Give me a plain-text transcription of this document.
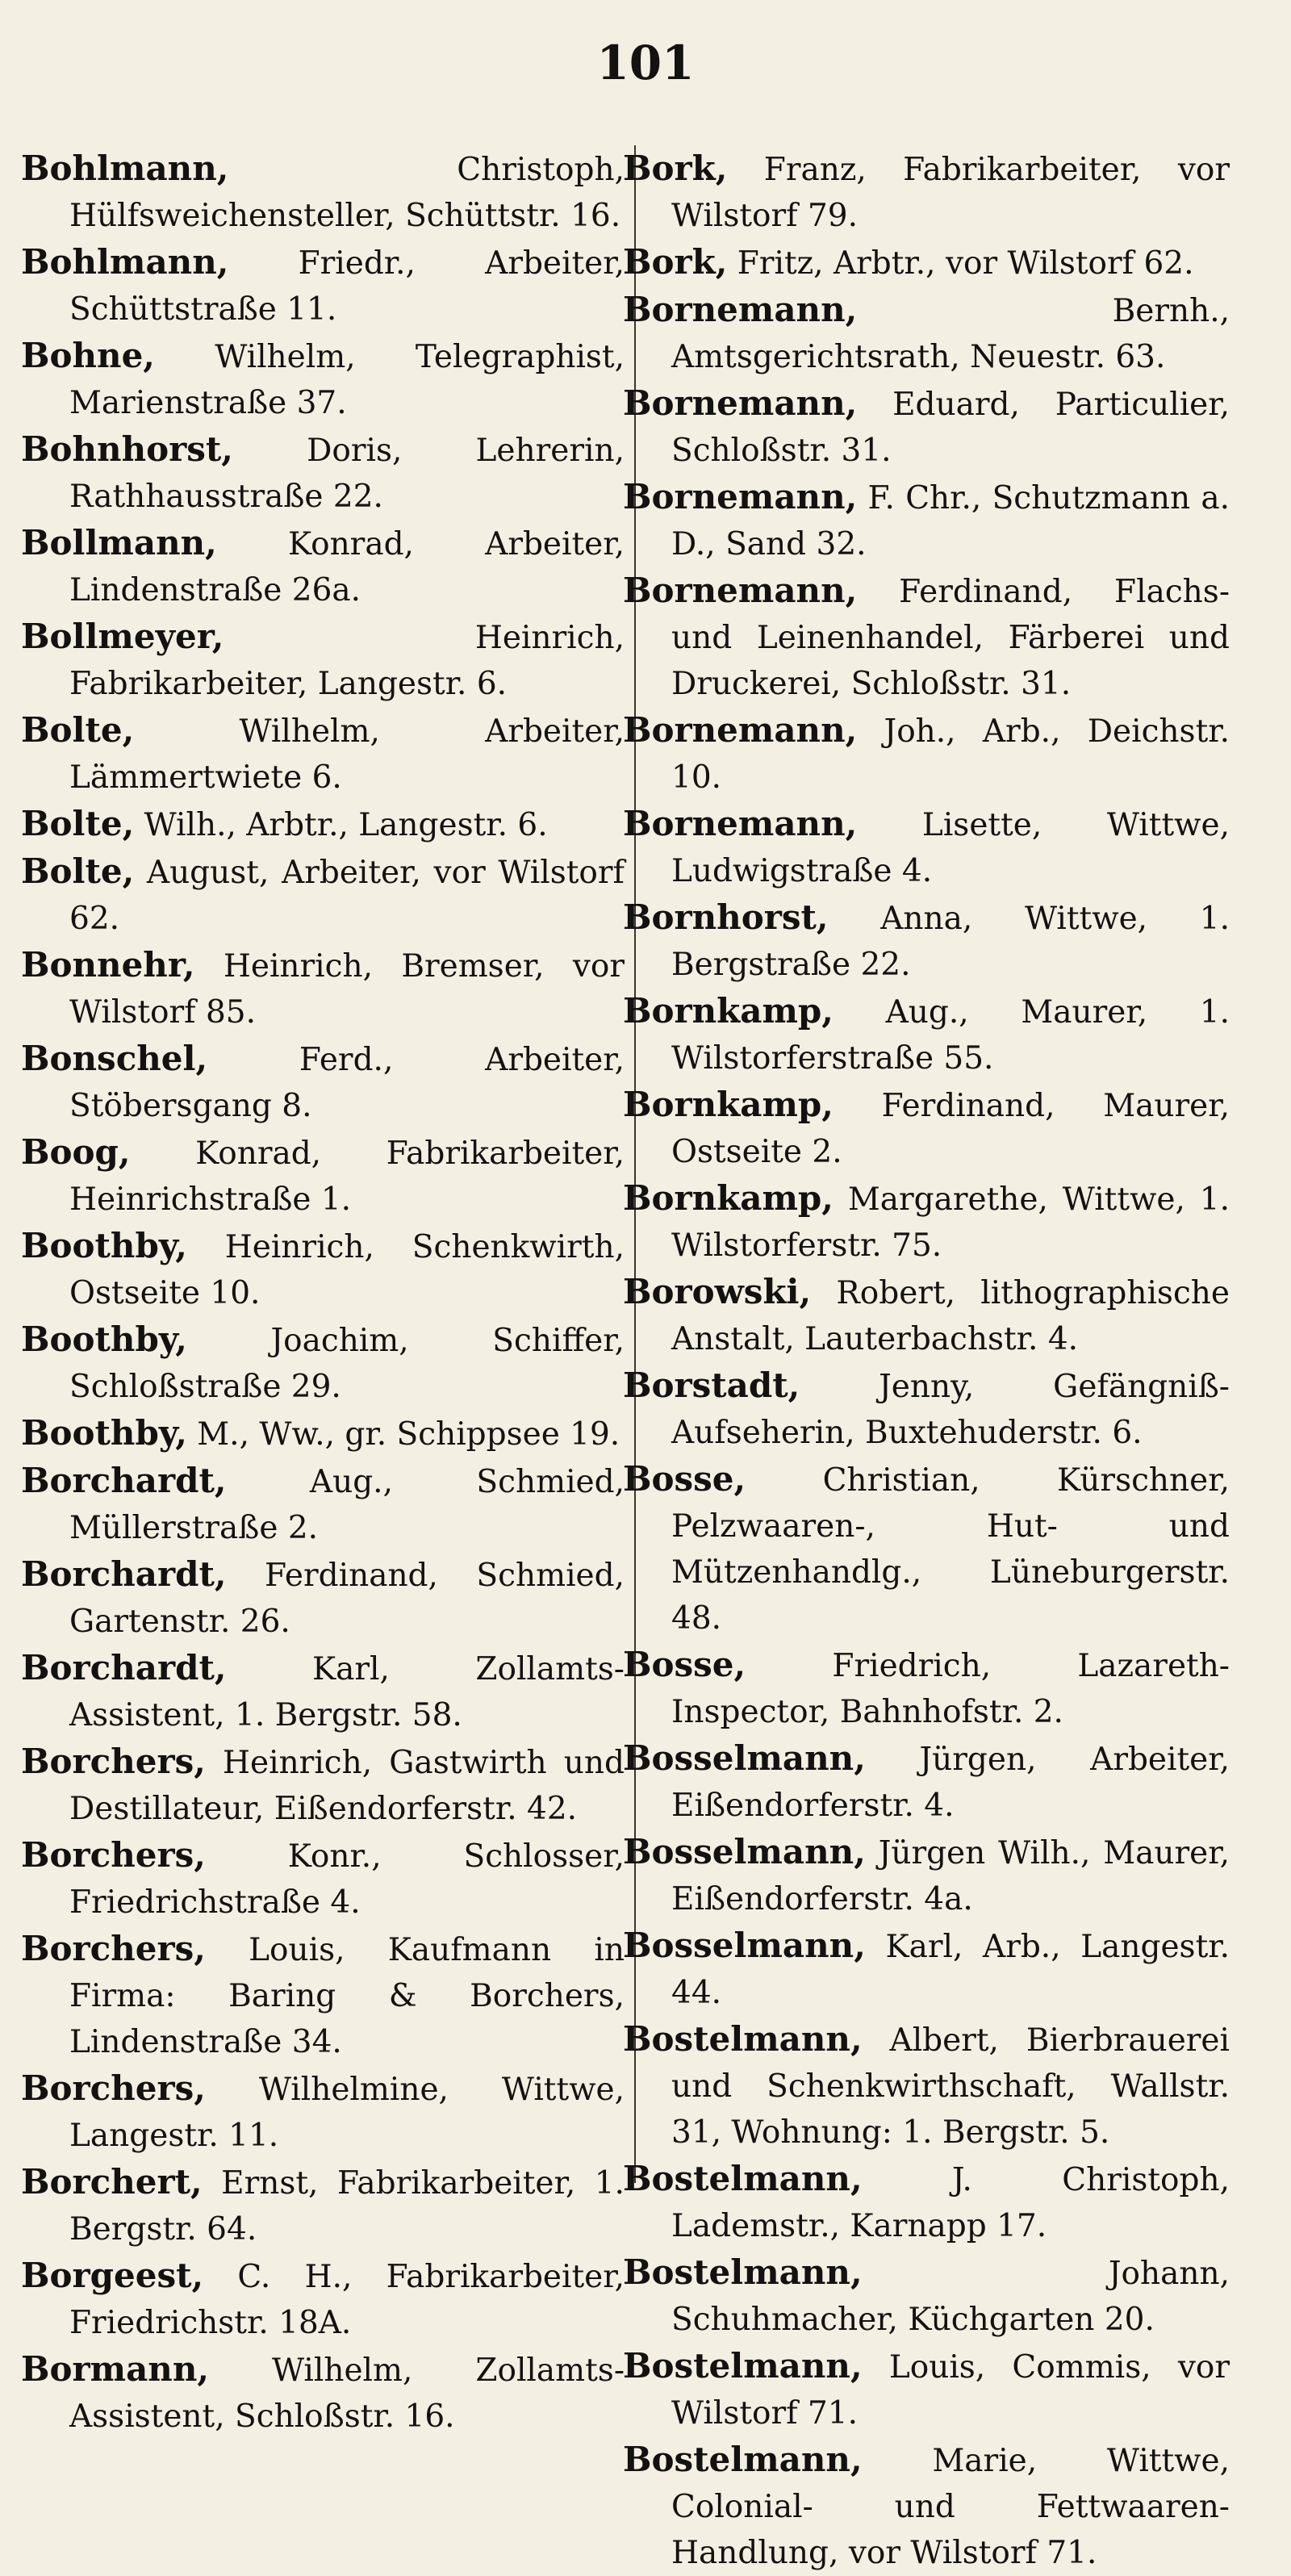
101

Bohlmann, Christoph, Hülfsweichensteller, Schüttstr. 16.

Bohlmann, Friedr., Arbeiter, Schüttstraße 11.

Bohne, Wilhelm, Telegraphist, Marienstraße 37.

Bohnhorst, Doris, Lehrerin, Rathhausstraße 22.

Bollmann, Konrad, Arbeiter, Lindenstraße 26a.

Bollmeyer, Heinrich, Fabrikarbeiter, Langestr. 6.

Bolte, Wilhelm, Arbeiter, Lämmertwiete 6.

Bolte, Wilh., Arbtr., Langestr. 6.

Bolte, August, Arbeiter, vor Wilstorf 62.

Bonnehr, Heinrich, Bremser, vor Wilstorf 85.

Bonschel, Ferd., Arbeiter, Stöbersgang 8.

Boog, Konrad, Fabrikarbeiter, Heinrichstraße 1.

Boothby, Heinrich, Schenkwirth, Ostseite 10.

Boothby, Joachim, Schiffer, Schloßstraße 29.

Boothby, M., Ww., gr. Schippsee 19.

Borchardt, Aug., Schmied, Müllerstraße 2.

Borchardt, Ferdinand, Schmied, Gartenstr. 26.

Borchardt, Karl, Zollamts-Assistent, 1. Bergstr. 58.

Borchers, Heinrich, Gastwirth und Destillateur, Eißendorferstr. 42.

Borchers, Konr., Schlosser, Friedrichstraße 4.

Borchers, Louis, Kaufmann in Firma: Baring & Borchers, Lindenstraße 34.

Borchers, Wilhelmine, Wittwe, Langestr. 11.

Borchert, Ernst, Fabrikarbeiter, 1. Bergstr. 64.

Borgeest, C. H., Fabrikarbeiter, Friedrichstr. 18A.

Bormann, Wilhelm, Zollamts-Assistent, Schloßstr. 16.

Bork, Franz, Fabrikarbeiter, vor Wilstorf 79.

Bork, Fritz, Arbtr., vor Wilstorf 62.

Bornemann, Bernh., Amtsgerichtsrath, Neuestr. 63.

Bornemann, Eduard, Particulier, Schloßstr. 31.

Bornemann, F. Chr., Schutzmann a. D., Sand 32.

Bornemann, Ferdinand, Flachs- und Leinenhandel, Färberei und Druckerei, Schloßstr. 31.

Bornemann, Joh., Arb., Deichstr. 10.

Bornemann, Lisette, Wittwe, Ludwigstraße 4.

Bornhorst, Anna, Wittwe, 1. Bergstraße 22.

Bornkamp, Aug., Maurer, 1. Wilstorferstraße 55.

Bornkamp, Ferdinand, Maurer, Ostseite 2.

Bornkamp, Margarethe, Wittwe, 1. Wilstorferstr. 75.

Borowski, Robert, lithographische Anstalt, Lauterbachstr. 4.

Borstadt, Jenny, Gefängniß-Aufseherin, Buxtehuderstr. 6.

Bosse, Christian, Kürschner, Pelzwaaren-, Hut- und Mützenhandlg., Lüneburgerstr. 48.

Bosse, Friedrich, Lazareth-Inspector, Bahnhofstr. 2.

Bosselmann, Jürgen, Arbeiter, Eißendorferstr. 4.

Bosselmann, Jürgen Wilh., Maurer, Eißendorferstr. 4a.

Bosselmann, Karl, Arb., Langestr. 44.

Bostelmann, Albert, Bierbrauerei und Schenkwirthschaft, Wallstr. 31, Wohnung: 1. Bergstr. 5.

Bostelmann, J. Christoph, Lademstr., Karnapp 17.

Bostelmann, Johann, Schuhmacher, Küchgarten 20.

Bostelmann, Louis, Commis, vor Wilstorf 71.

Bostelmann, Marie, Wittwe, Colonial- und Fettwaaren-Handlung, vor Wilstorf 71.
